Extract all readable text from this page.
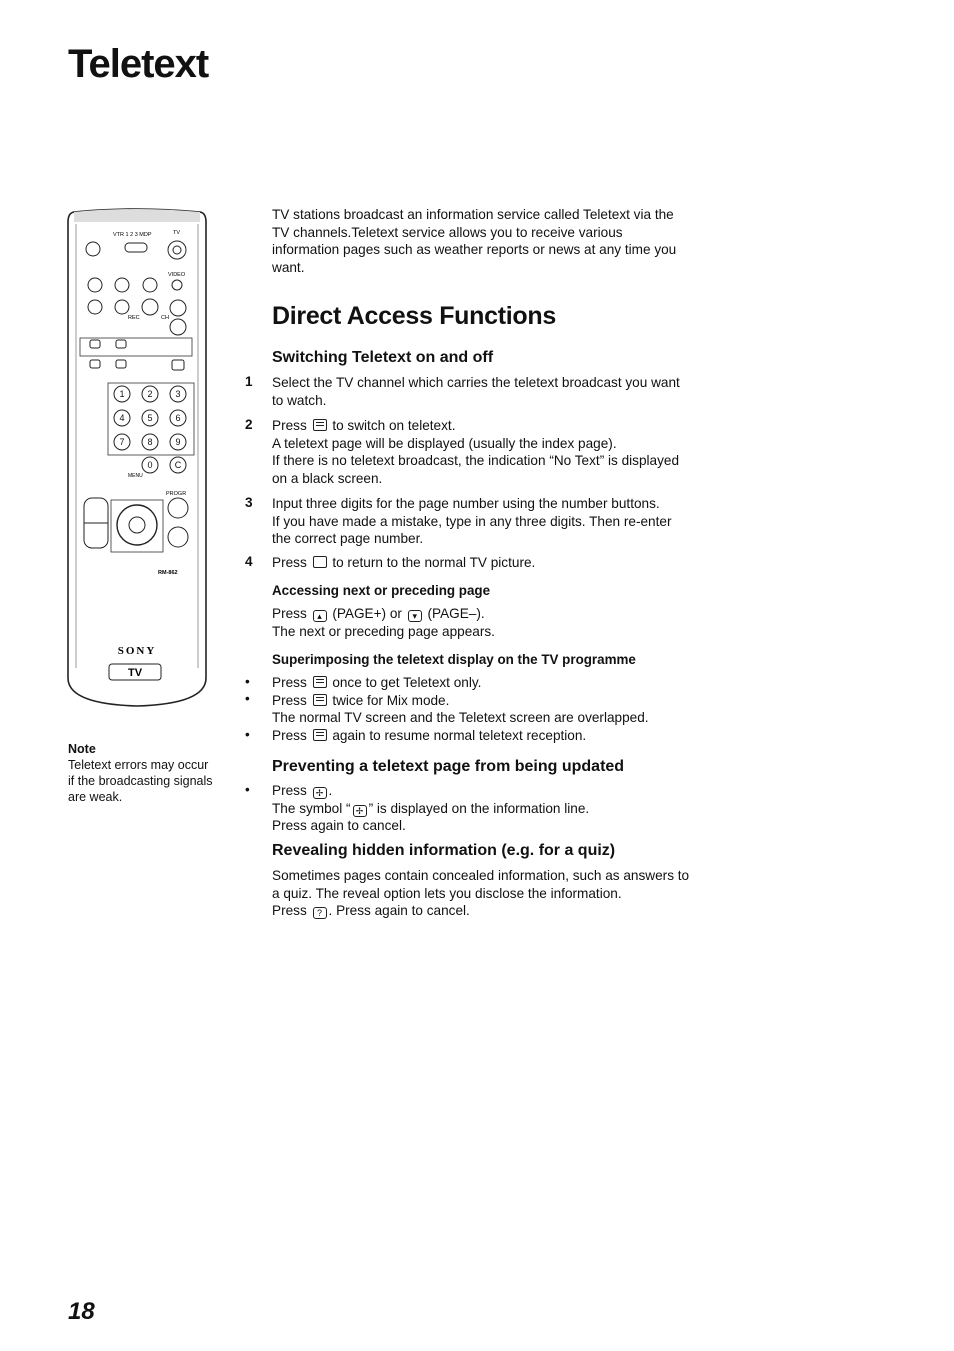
Teletext
VTR 1 2 3 MDP	TV
VIDEO
REC	CH
1	2	3
4	5	6
7	8	9
0 C
MENU
PROGR
RM-862
SONY
TV

TV stations broadcast an information service called Teletext via the TV channels.Teletext service allows you to receive various information pages such as weather reports or news at any time you want.

Direct Access Functions
Switching Teletext on and off
1 Select the TV channel which carries the teletext broadcast you want to watch.

2 Press to switch on teletext.

A teletext page will be displayed (usually the index page).

If there is no teletext broadcast, the indication “No Text” is displayed on a black screen.

3 Input three digits for the page number using the number buttons.

If you have made a mistake, type in any three digits. Then re-enter the correct page number.

4 Press to return to the normal TV picture.

Accessing next or preceding page

Press ▴ (PAGE+) or ▾ (PAGE–).

The next or preceding page appears.

Superimposing the teletext display on the TV programme
•
•
•

Press once to get Teletext only.

Press twice for Mix mode.

The normal TV screen and the Teletext screen are overlapped.

Press again to resume normal teletext reception.

Preventing a teletext page from being updated
• Press ✢ .

The symbol “ ✢ ” is displayed on the information line.

Press again to cancel.

Revealing hidden information (e.g. for a quiz)

Sometimes pages contain concealed information, such as answers to a quiz. The reveal option lets you disclose the information.

Press ? . Press again to cancel.

Note
Teletext errors may occur if the broadcasting signals are weak.
18
